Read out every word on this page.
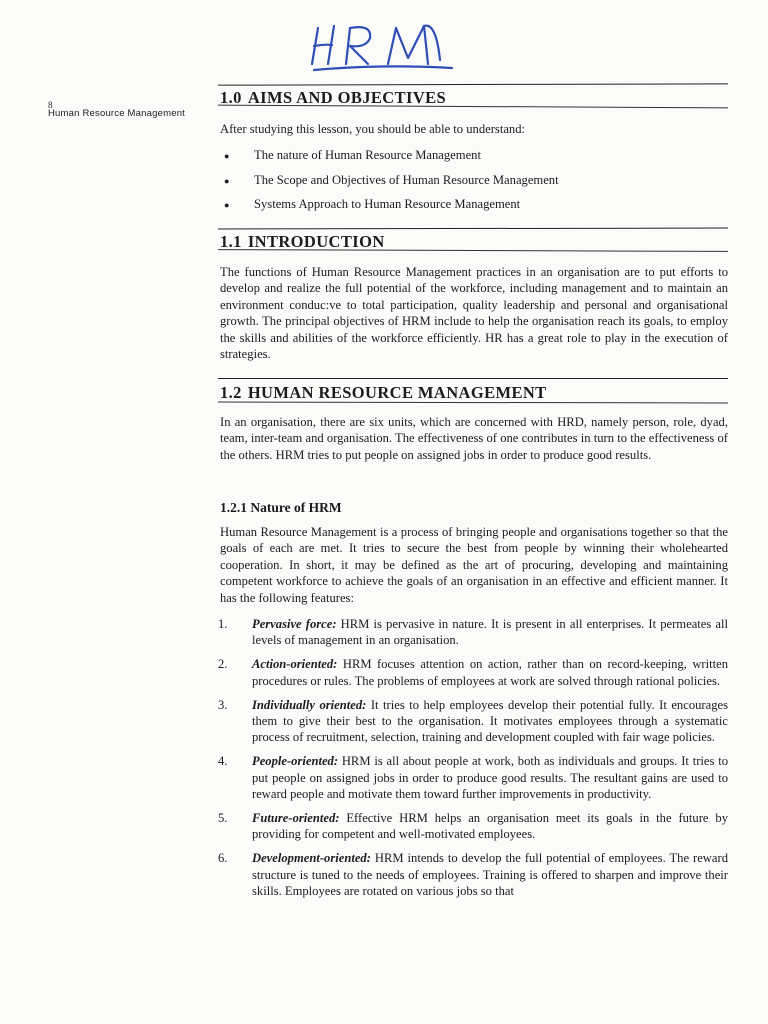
8
Human Resource Management
1.0 AIMS AND OBJECTIVES

After studying this lesson, you should be able to understand:

● The nature of Human Resource Management
● The Scope and Objectives of Human Resource Management
● Systems Approach to Human Resource Management
1.1 INTRODUCTION

The functions of Human Resource Management practices in an organisation are to put efforts to develop and realize the full potential of the workforce, including management and to maintain an environment conduc:ve to total participation, quality leadership and personal and organisational growth. The principal objectives of HRM include to help the organisation reach its goals, to employ the skills and abilities of the workforce efficiently. HR has a great role to play in the execution of strategies.

1.2 HUMAN RESOURCE MANAGEMENT

In an organisation, there are six units, which are concerned with HRD, namely person, role, dyad, team, inter-team and organisation. The effectiveness of one contributes in turn to the effectiveness of the others. HRM tries to put people on assigned jobs in order to produce good results.

1.2.1 Nature of HRM

Human Resource Management is a process of bringing people and organisations together so that the goals of each are met. It tries to secure the best from people by winning their wholehearted cooperation. In short, it may be defined as the art of procuring, developing and maintaining competent workforce to achieve the goals of an organisation in an effective and efficient manner. It has the following features:

1. Pervasive force: HRM is pervasive in nature. It is present in all enterprises. It permeates all levels of management in an organisation.
2. Action-oriented: HRM focuses attention on action, rather than on record-keeping, written procedures or rules. The problems of employees at work are solved through rational policies.
3. Individually oriented: It tries to help employees develop their potential fully. It encourages them to give their best to the organisation. It motivates employees through a systematic process of recruitment, selection, training and development coupled with fair wage policies.
4. People-oriented: HRM is all about people at work, both as individuals and groups. It tries to put people on assigned jobs in order to produce good results. The resultant gains are used to reward people and motivate them toward further improvements in productivity.
5. Future-oriented: Effective HRM helps an organisation meet its goals in the future by providing for competent and well-motivated employees.
6. Development-oriented: HRM intends to develop the full potential of employees. The reward structure is tuned to the needs of employees. Training is offered to sharpen and improve their skills. Employees are rotated on various jobs so that
